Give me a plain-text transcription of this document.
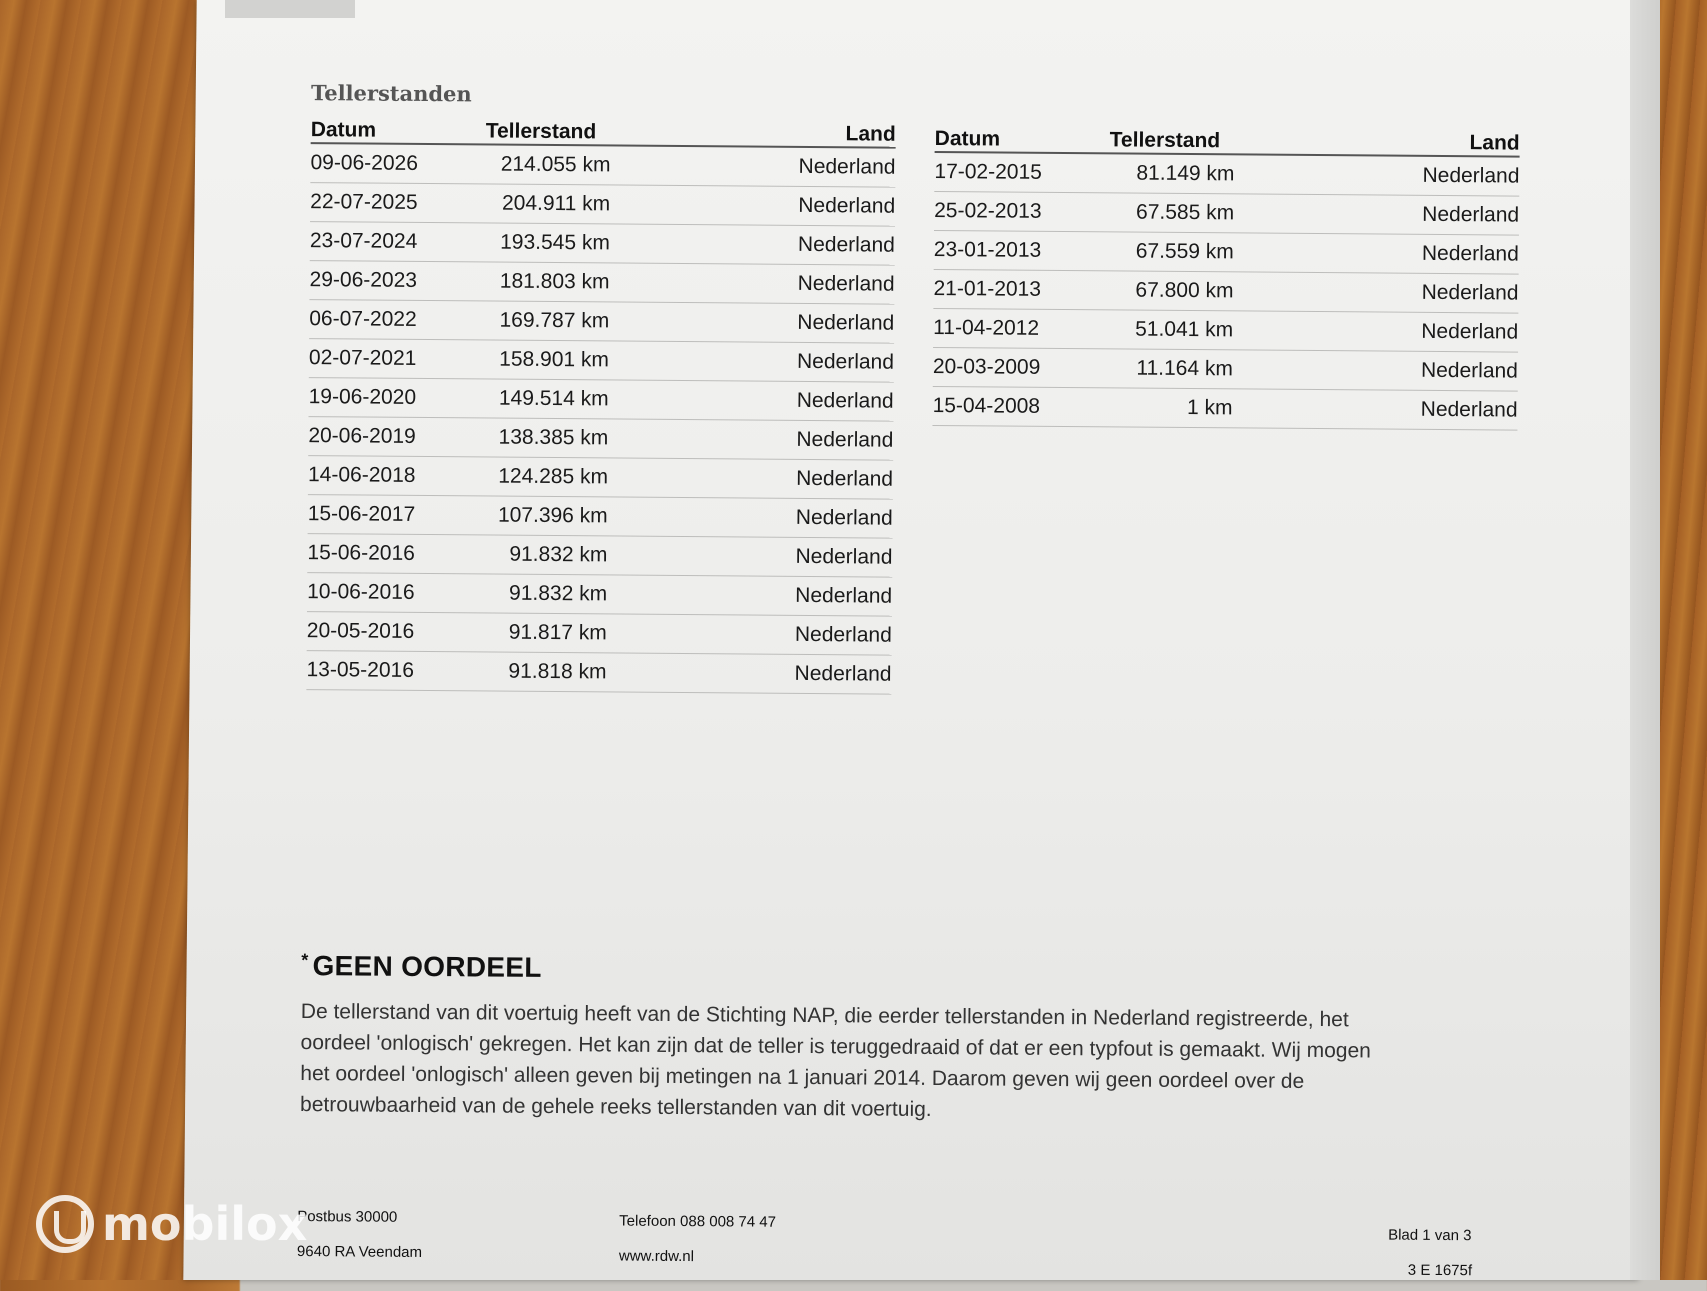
Tellerstanden
Datum	Tellerstand	Land
09-06-2026	214.055 km	Nederland
22-07-2025	204.911 km	Nederland
23-07-2024	193.545 km	Nederland
29-06-2023	181.803 km	Nederland
06-07-2022	169.787 km	Nederland
02-07-2021	158.901 km	Nederland
19-06-2020	149.514 km	Nederland
20-06-2019	138.385 km	Nederland
14-06-2018	124.285 km	Nederland
15-06-2017	107.396 km	Nederland
15-06-2016	91.832 km	Nederland
10-06-2016	91.832 km	Nederland
20-05-2016	91.817 km	Nederland
13-05-2016	91.818 km	Nederland
Datum	Tellerstand	Land
17-02-2015	81.149 km	Nederland
25-02-2013	67.585 km	Nederland
23-01-2013	67.559 km	Nederland
21-01-2013	67.800 km	Nederland
11-04-2012	51.041 km	Nederland
20-03-2009	11.164 km	Nederland
15-04-2008	1 km	Nederland
* GEEN OORDEEL
De tellerstand van dit voertuig heeft van de Stichting NAP, die eerder tellerstanden in Nederland registreerde, het oordeel 'onlogisch' gekregen. Het kan zijn dat de teller is teruggedraaid of dat er een typfout is gemaakt. Wij mogen het oordeel 'onlogisch' alleen geven bij metingen na 1 januari 2014. Daarom geven wij geen oordeel over de betrouwbaarheid van de gehele reeks tellerstanden van dit voertuig.
Postbus 30000
9640 RA Veendam
Telefoon 088 008 74 47
www.rdw.nl
Blad 1 van 3
3 E 1675f
mobilox
